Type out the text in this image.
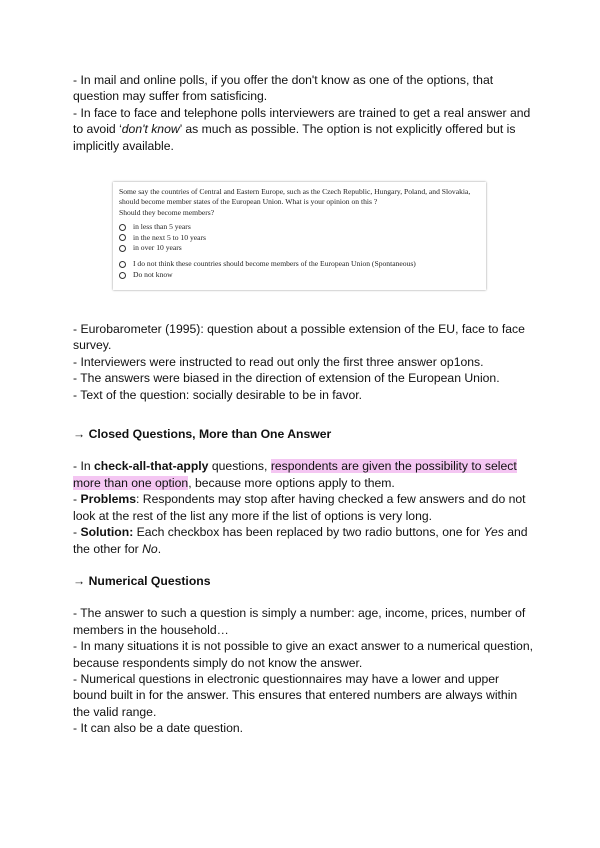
- In mail and online polls, if you offer the don't know as one of the options, that question may suffer from satisficing.

- In face to face and telephone polls interviewers are trained to get a real answer and to avoid ‘don't know’ as much as possible. The option is not explicitly offered but is implicitly available.

Some say the countries of Central and Eastern Europe, such as the Czech Republic, Hungary, Poland, and Slovakia, should become member states of the European Union. What is your opinion on this ?
Should they become members?

in less than 5 years
in the next 5 to 10 years
in over 10 years
I do not think these countries should become members of the European Union (Spontaneous)
Do not know

- Eurobarometer (1995): question about a possible extension of the EU, face to face survey.

- Interviewers were instructed to read out only the first three answer op1ons.

- The answers were biased in the direction of extension of the European Union.

- Text of the question: socially desirable to be in favor.

→ Closed Questions, More than One Answer

- In check-all-that-apply questions, respondents are given the possibility to select more than one option, because more options apply to them.

- Problems: Respondents may stop after having checked a few answers and do not look at the rest of the list any more if the list of options is very long.

- Solution: Each checkbox has been replaced by two radio buttons, one for Yes and the other for No.

→ Numerical Questions

- The answer to such a question is simply a number: age, income, prices, number of members in the household…

- In many situations it is not possible to give an exact answer to a numerical question, because respondents simply do not know the answer.

- Numerical questions in electronic questionnaires may have a lower and upper bound built in for the answer. This ensures that entered numbers are always within the valid range.

- It can also be a date question.
